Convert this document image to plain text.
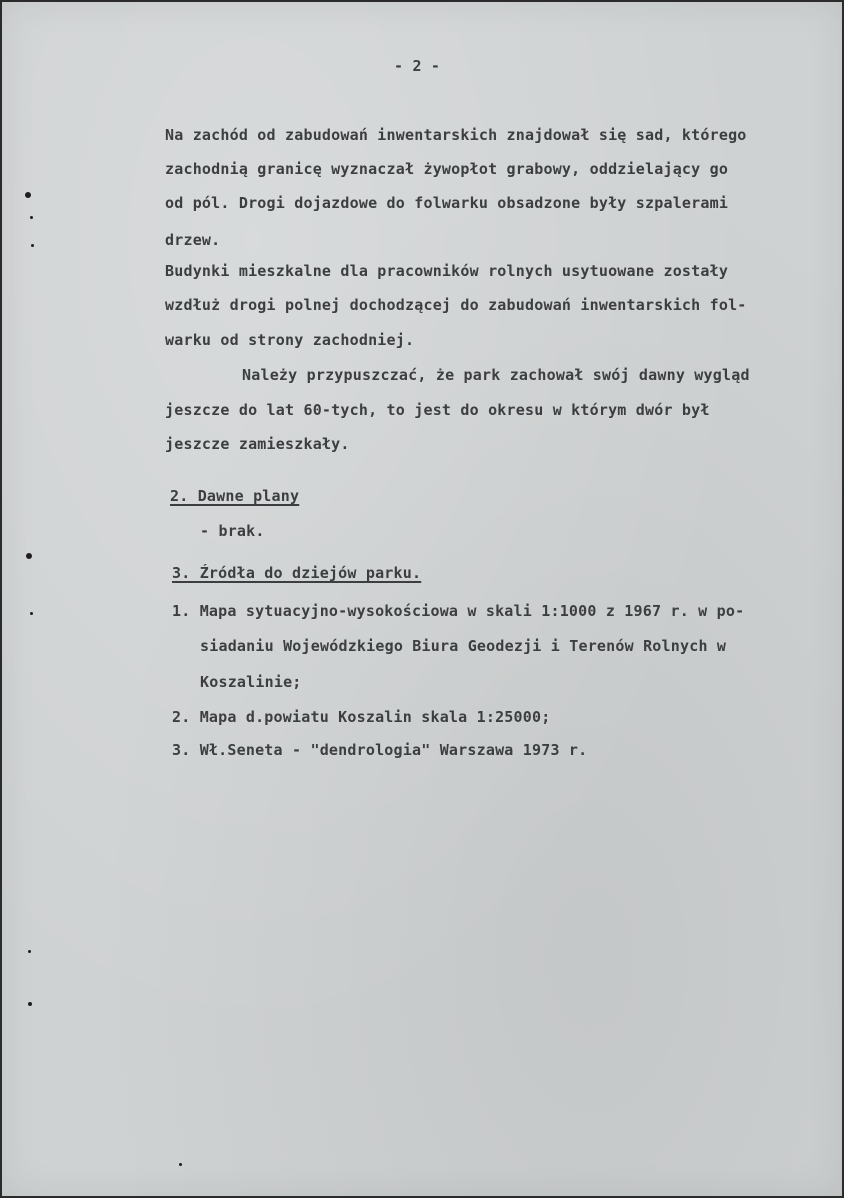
- 2 -

Na zachód od zabudowań inwentarskich znajdował się sad, którego

zachodnią granicę wyznaczał żywopłot grabowy, oddzielający go

od pól. Drogi dojazdowe do folwarku obsadzone były szpalerami

drzew.

Budynki mieszkalne dla pracowników rolnych usytuowane zostały

wzdłuż drogi polnej dochodzącej do zabudowań inwentarskich fol-

warku od strony zachodniej.

Należy przypuszczać, że park zachował swój dawny wygląd

jeszcze do lat 60-tych, to jest do okresu w którym dwór był

jeszcze zamieszkały.

2. Dawne plany

- brak.

3. Źródła do dziejów parku.

1. Mapa sytuacyjno-wysokościowa w skali 1:1000 z 1967 r. w po-

siadaniu Wojewódzkiego Biura Geodezji i Terenów Rolnych w

Koszalinie;

2. Mapa d.powiatu Koszalin skala 1:25000;

3. Wł.Seneta - "dendrologia" Warszawa 1973 r.
